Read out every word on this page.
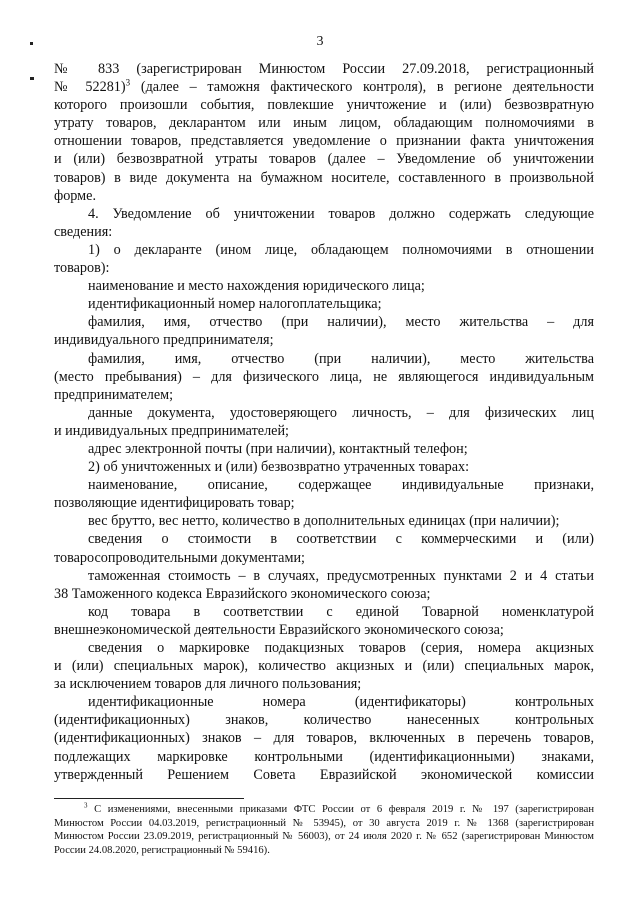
3

№ 833 (зарегистрирован Минюстом России 27.09.2018, регистрационный
№ 52281)$^3$ (далее – таможня фактического контроля), в регионе деятельности
которого произошли события, повлекшие уничтожение и (или) безвозвратную
утрату товаров, декларантом или иным лицом, обладающим полномочиями в
отношении товаров, представляется уведомление о признании факта уничтожения
и (или) безвозвратной утраты товаров (далее – Уведомление об уничтожении
товаров) в виде документа на бумажном носителе, составленного в произвольной
форме.

4. Уведомление об уничтожении товаров должно содержать следующие
сведения:

1) о декларанте (ином лице, обладающем полномочиями в отношении
товаров):

наименование и место нахождения юридического лица;

идентификационный номер налогоплательщика;

фамилия, имя, отчество (при наличии), место жительства – для
индивидуального предпринимателя;

фамилия, имя, отчество (при наличии), место жительства
(место пребывания) – для физического лица, не являющегося индивидуальным
предпринимателем;

данные документа, удостоверяющего личность, – для физических лиц
и индивидуальных предпринимателей;

адрес электронной почты (при наличии), контактный телефон;

2) об уничтоженных и (или) безвозвратно утраченных товарах:

наименование, описание, содержащее индивидуальные признаки,
позволяющие идентифицировать товар;

вес брутто, вес нетто, количество в дополнительных единицах (при наличии);

сведения о стоимости в соответствии с коммерческими и (или)
товаросопроводительными документами;

таможенная стоимость – в случаях, предусмотренных пунктами 2 и 4 статьи
38 Таможенного кодекса Евразийского экономического союза;

код товара в соответствии с единой Товарной номенклатурой
внешнеэкономической деятельности Евразийского экономического союза;

сведения о маркировке подакцизных товаров (серия, номера акцизных
и (или) специальных марок), количество акцизных и (или) специальных марок,
за исключением товаров для личного пользования;

идентификационные номера (идентификаторы) контрольных
(идентификационных) знаков, количество нанесенных контрольных
(идентификационных) знаков – для товаров, включенных в перечень товаров,
подлежащих маркировке контрольными (идентификационными) знаками,
утвержденный Решением Совета Евразийской экономической комиссии

$^3$ С изменениями, внесенными приказами ФТС России от 6 февраля 2019 г. № 197 (зарегистрирован
Минюстом России 04.03.2019, регистрационный № 53945), от 30 августа 2019 г. № 1368 (зарегистрирован
Минюстом России 23.09.2019, регистрационный № 56003), от 24 июля 2020 г. № 652 (зарегистрирован Минюстом
России 24.08.2020, регистрационный № 59416).
